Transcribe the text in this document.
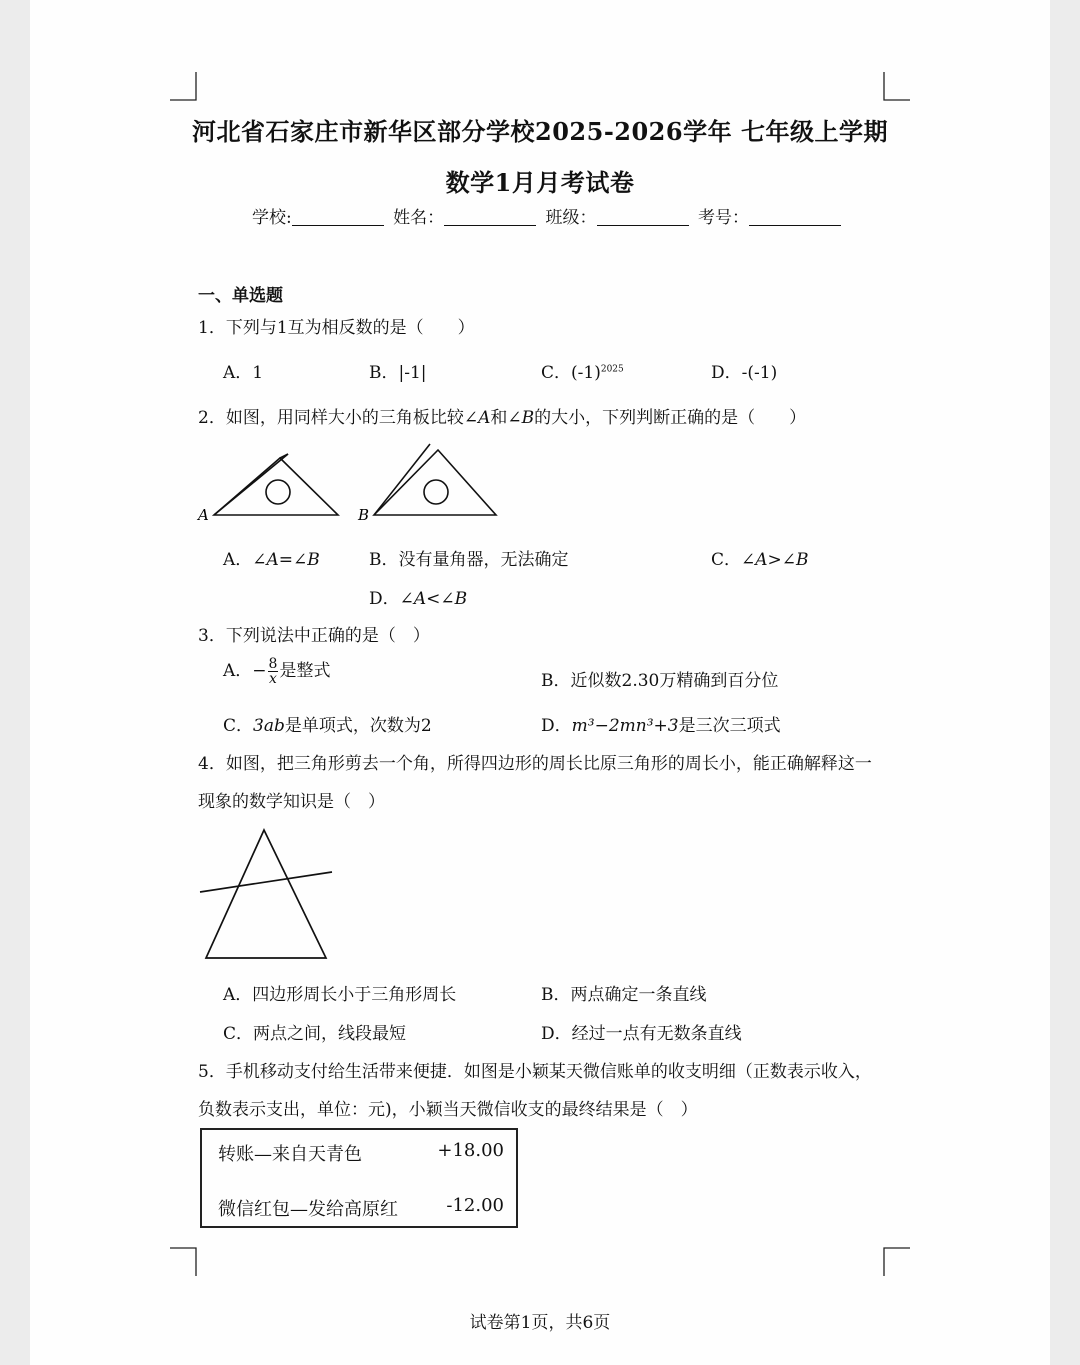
河北省石家庄市新华区部分学校2025-2026学年 七年级上学期
数学1月月考试卷
学校:	姓名：	班级：	考号：
一、单选题
1．下列与1互为相反数的是（　　）
A．1	B．|-1|	C．$(-1)^{2025}$	D．-(-1)
2．如图，用同样大小的三角板比较∠A和∠B的大小，下列判断正确的是（　　）
A	B
A．∠A=∠B	B．没有量角器，无法确定	C．∠A>∠B
D．∠A<∠B
3．下列说法中正确的是（　）
A．− $\frac{8}{x}$ 是整式	B．近似数2.30万精确到百分位
C．3ab是单项式，次数为2	D．m³−2mn³+3是三次三项式
4．如图，把三角形剪去一个角，所得四边形的周长比原三角形的周长小，能正确解释这一
现象的数学知识是（　）
A．四边形周长小于三角形周长	B．两点确定一条直线
C．两点之间，线段最短	D．经过一点有无数条直线
5．手机移动支付给生活带来便捷．如图是小颖某天微信账单的收支明细（正数表示收入，
负数表示支出，单位：元)，小颖当天微信收支的最终结果是（　）
转账—来自天青色	+18.00
微信红包—发给高原红	-12.00
试卷第1页，共6页
